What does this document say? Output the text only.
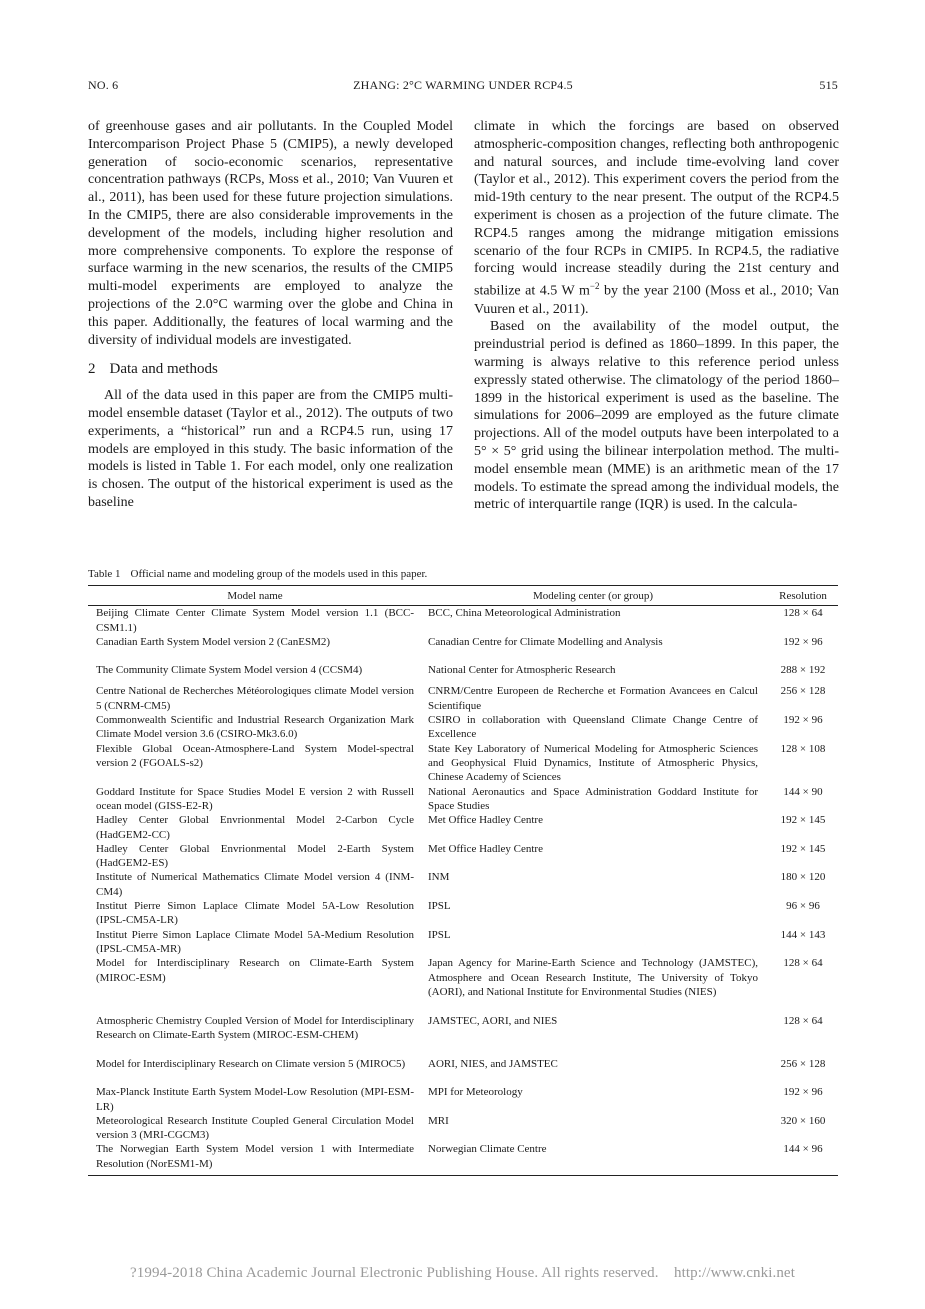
NO. 6	ZHANG: 2°C WARMING UNDER RCP4.5	515

of greenhouse gases and air pollutants. In the Coupled Model Intercomparison Project Phase 5 (CMIP5), a newly developed generation of socio-economic scenarios, representative concentration pathways (RCPs, Moss et al., 2010; Van Vuuren et al., 2011), has been used for these future projection simulations. In the CMIP5, there are also considerable improvements in the development of the models, including higher resolution and more comprehensive components. To explore the response of surface warming in the new scenarios, the results of the CMIP5 multi-model experiments are employed to analyze the projections of the 2.0°C warming over the globe and China in this paper. Additionally, the features of local warming and the diversity of individual models are investigated.

2 Data and methods

All of the data used in this paper are from the CMIP5 multi-model ensemble dataset (Taylor et al., 2012). The outputs of two experiments, a “historical” run and a RCP4.5 run, using 17 models are employed in this study. The basic information of the models is listed in Table 1. For each model, only one realization is chosen. The output of the historical experiment is used as the baseline

climate in which the forcings are based on observed atmospheric-composition changes, reflecting both anthropogenic and natural sources, and include time-evolving land cover (Taylor et al., 2012). This experiment covers the period from the mid-19th century to the near present. The output of the RCP4.5 experiment is chosen as a projection of the future climate. The RCP4.5 ranges among the midrange mitigation emissions scenario of the four RCPs in CMIP5. In RCP4.5, the radiative forcing would increase steadily during the 21st century and stabilize at 4.5 W $m^{-2}$ by the year 2100 (Moss et al., 2010; Van Vuuren et al., 2011).

Based on the availability of the model output, the preindustrial period is defined as 1860–1899. In this paper, the warming is always relative to this reference period unless expressly stated otherwise. The climatology of the period 1860–1899 in the historical experiment is used as the baseline. The simulations for 2006–2099 are employed as the future climate projections. All of the model outputs have been interpolated to a 5° × 5° grid using the bilinear interpolation method. The multi-model ensemble mean (MME) is an arithmetic mean of the 17 models. To estimate the spread among the individual models, the metric of interquartile range (IQR) is used. In the calcula-

Table 1 Official name and modeling group of the models used in this paper.
Model name	Modeling center (or group)	Resolution
Beijing Climate Center Climate System Model version 1.1 (BCC-CSM1.1)	BCC, China Meteorological Administration	128 × 64
Canadian Earth System Model version 2 (CanESM2)	Canadian Centre for Climate Modelling and Analysis	192 × 96
The Community Climate System Model version 4 (CCSM4)	National Center for Atmospheric Research	288 × 192
Centre National de Recherches Météorologiques climate Model version 5 (CNRM-CM5)	CNRM/Centre Europeen de Recherche et Formation Avancees en Calcul Scientifique	256 × 128
Commonwealth Scientific and Industrial Research Organization Mark Climate Model version 3.6 (CSIRO-Mk3.6.0)	CSIRO in collaboration with Queensland Climate Change Centre of Excellence	192 × 96
Flexible Global Ocean-Atmosphere-Land System Model-spectral version 2 (FGOALS-s2)	State Key Laboratory of Numerical Modeling for Atmospheric Sciences and Geophysical Fluid Dynamics, Institute of Atmospheric Physics, Chinese Academy of Sciences	128 × 108
Goddard Institute for Space Studies Model E version 2 with Russell ocean model (GISS-E2-R)	National Aeronautics and Space Administration Goddard Institute for Space Studies	144 × 90
Hadley Center Global Envrionmental Model 2-Carbon Cycle (HadGEM2-CC)	Met Office Hadley Centre	192 × 145
Hadley Center Global Envrionmental Model 2-Earth System (HadGEM2-ES)	Met Office Hadley Centre	192 × 145
Institute of Numerical Mathematics Climate Model version 4 (INM-CM4)	INM	180 × 120
Institut Pierre Simon Laplace Climate Model 5A-Low Resolution (IPSL-CM5A-LR)	IPSL	96 × 96
Institut Pierre Simon Laplace Climate Model 5A-Medium Resolution (IPSL-CM5A-MR)	IPSL	144 × 143
Model for Interdisciplinary Research on Climate-Earth System (MIROC-ESM)	Japan Agency for Marine-Earth Science and Technology (JAMSTEC), Atmosphere and Ocean Research Institute, The University of Tokyo (AORI), and National Institute for Environmental Studies (NIES)	128 × 64
Atmospheric Chemistry Coupled Version of Model for Interdisciplinary Research on Climate-Earth System (MIROC-ESM-CHEM)	JAMSTEC, AORI, and NIES	128 × 64
Model for Interdisciplinary Research on Climate version 5 (MIROC5)	AORI, NIES, and JAMSTEC	256 × 128
Max-Planck Institute Earth System Model-Low Resolution (MPI-ESM-LR)	MPI for Meteorology	192 × 96
Meteorological Research Institute Coupled General Circulation Model version 3 (MRI-CGCM3)	MRI	320 × 160
The Norwegian Earth System Model version 1 with Intermediate Resolution (NorESM1-M)	Norwegian Climate Centre	144 × 96
?1994-2018 China Academic Journal Electronic Publishing House. All rights reserved. http://www.cnki.net
